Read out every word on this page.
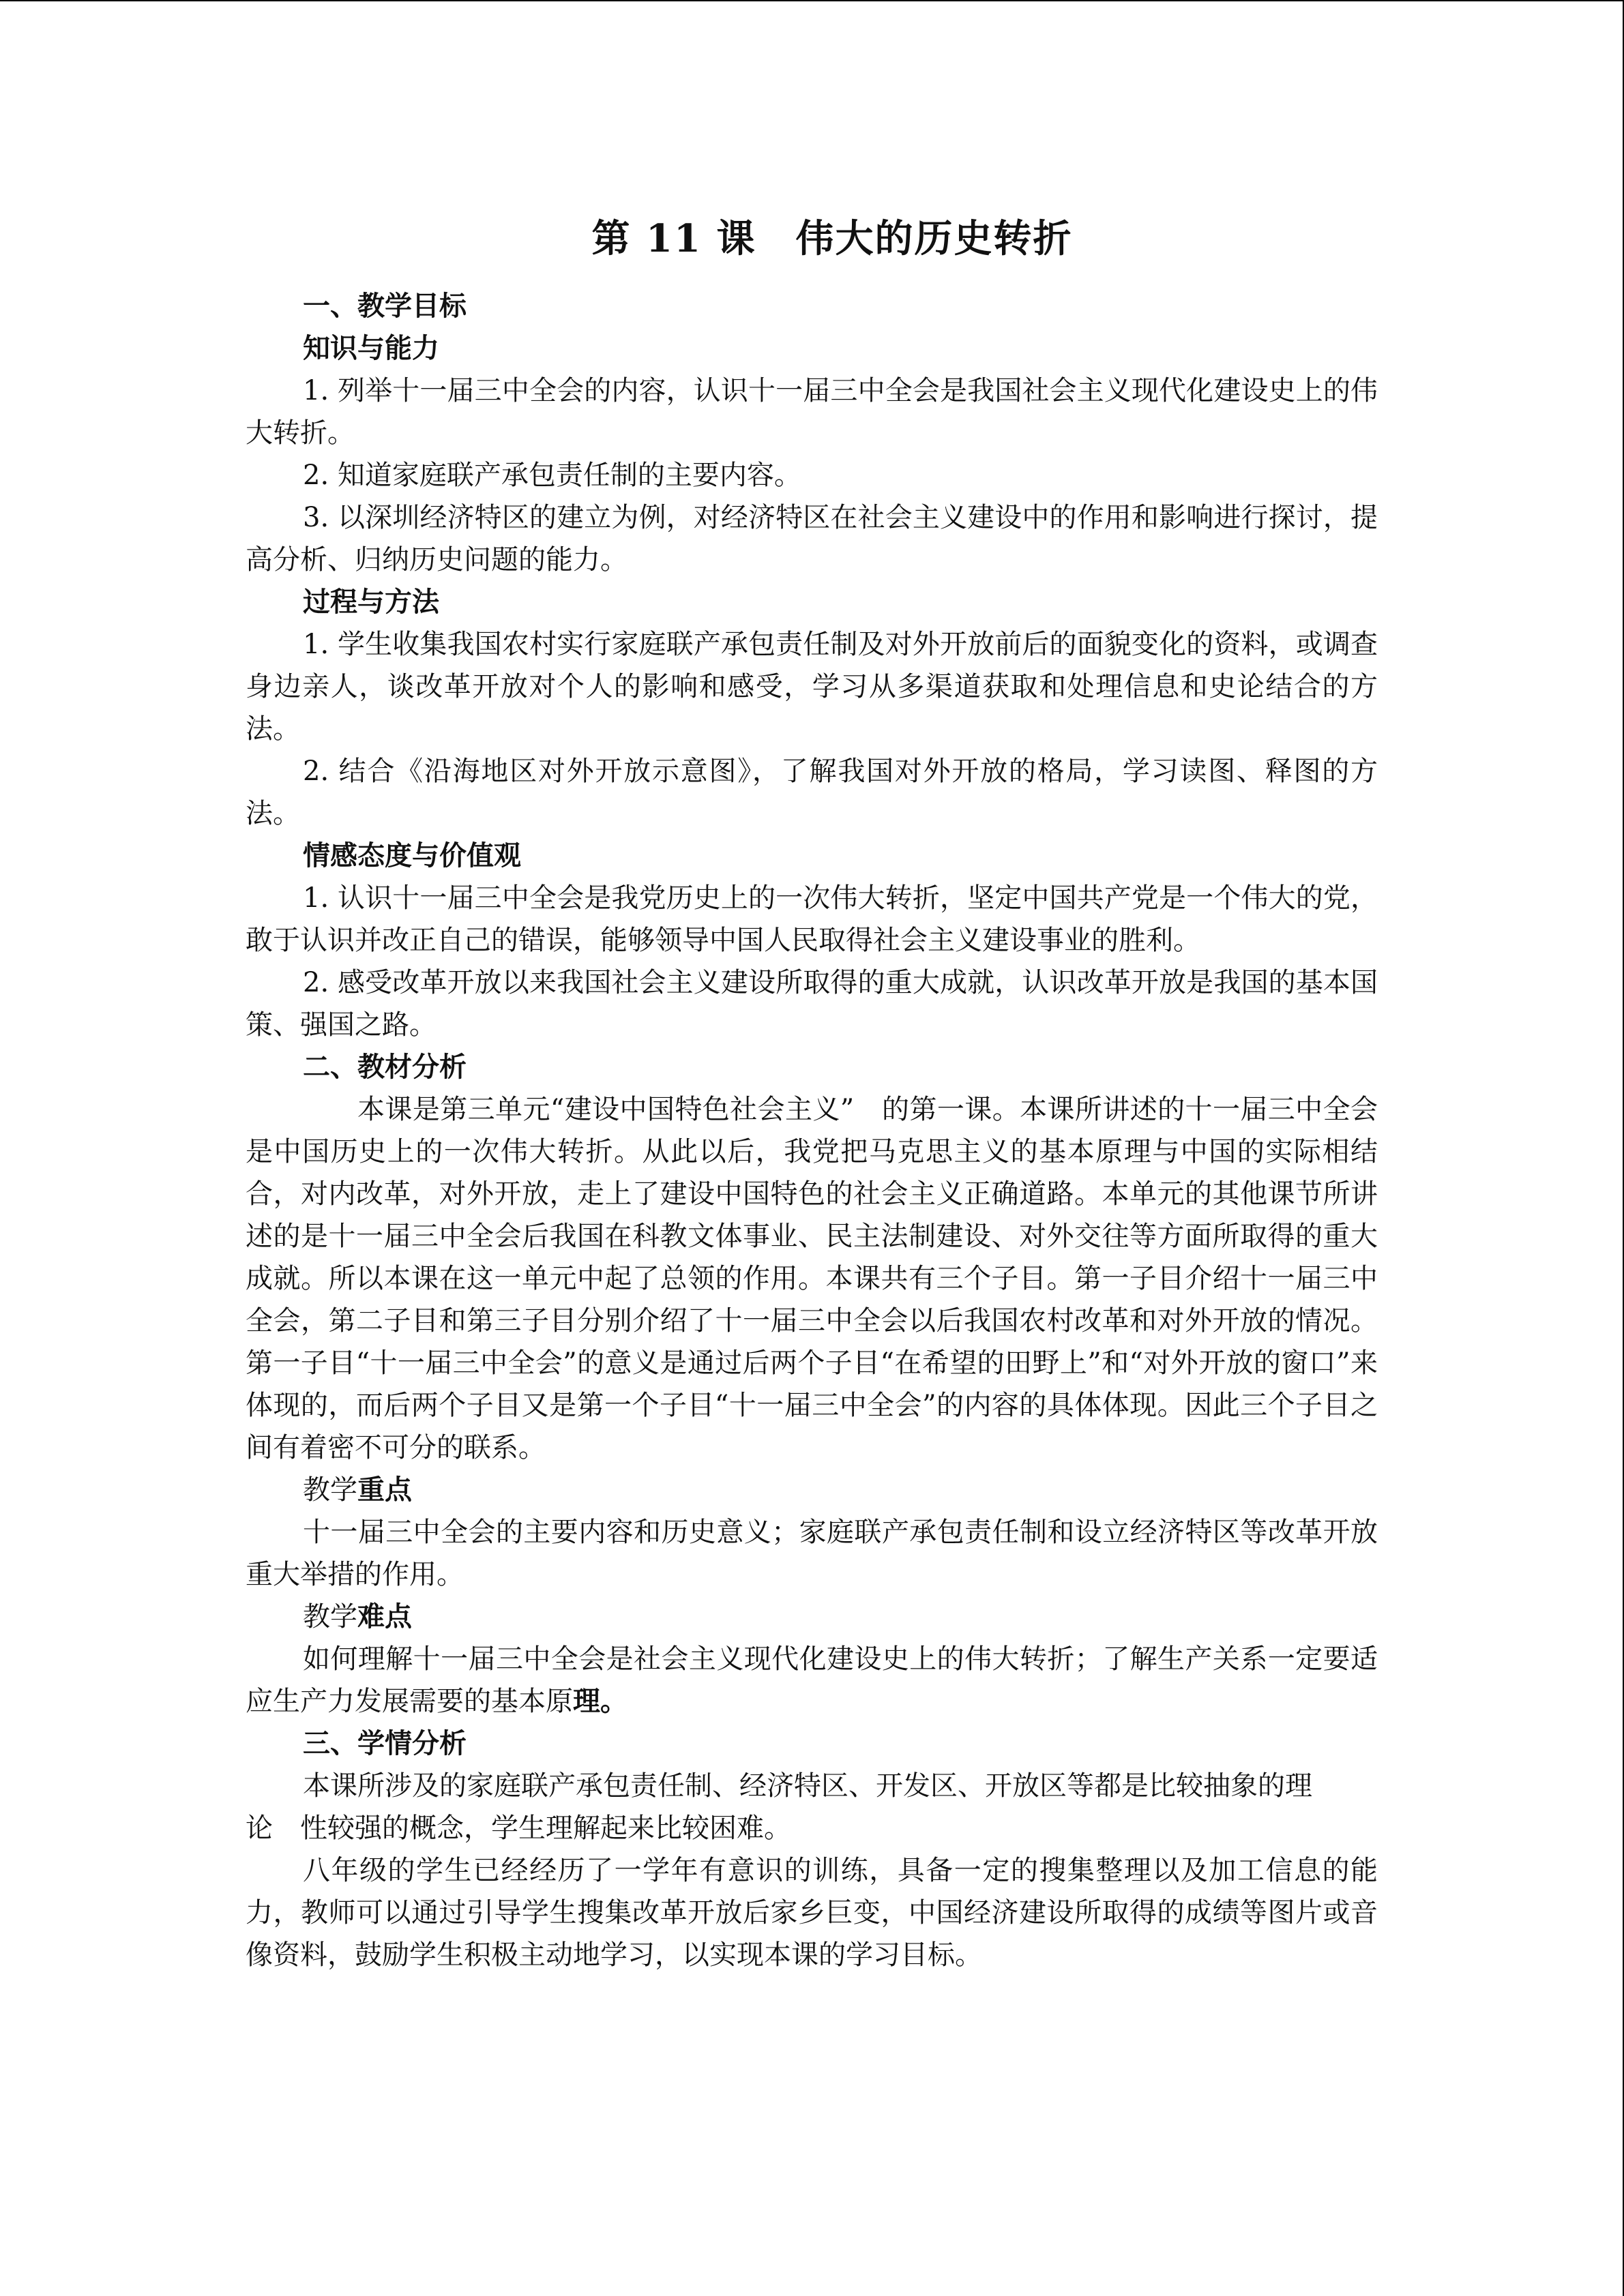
第 11 课　伟大的历史转折

一、教学目标

知识与能力

1. 列举十一届三中全会的内容，认识十一届三中全会是我国社会主义现代化建设史上的伟大转折。

2. 知道家庭联产承包责任制的主要内容。

3. 以深圳经济特区的建立为例，对经济特区在社会主义建设中的作用和影响进行探讨，提高分析、归纳历史问题的能力。

过程与方法

1. 学生收集我国农村实行家庭联产承包责任制及对外开放前后的面貌变化的资料，或调查身边亲人，谈改革开放对个人的影响和感受，学习从多渠道获取和处理信息和史论结合的方法。

2. 结合《沿海地区对外开放示意图》，了解我国对外开放的格局，学习读图、释图的方法。

情感态度与价值观

1. 认识十一届三中全会是我党历史上的一次伟大转折，坚定中国共产党是一个伟大的党，敢于认识并改正自己的错误，能够领导中国人民取得社会主义建设事业的胜利。

2. 感受改革开放以来我国社会主义建设所取得的重大成就，认识改革开放是我国的基本国策、强国之路。

二、教材分析

本课是第三单元“建设中国特色社会主义”　的第一课。本课所讲述的十一届三中全会是中国历史上的一次伟大转折。从此以后，我党把马克思主义的基本原理与中国的实际相结合，对内改革，对外开放，走上了建设中国特色的社会主义正确道路。本单元的其他课节所讲述的是十一届三中全会后我国在科教文体事业、民主法制建设、对外交往等方面所取得的重大成就。所以本课在这一单元中起了总领的作用。本课共有三个子目。第一子目介绍十一届三中全会，第二子目和第三子目分别介绍了十一届三中全会以后我国农村改革和对外开放的情况。第一子目“十一届三中全会”的意义是通过后两个子目“在希望的田野上”和“对外开放的窗口”来体现的，而后两个子目又是第一个子目“十一届三中全会”的内容的具体体现。因此三个子目之间有着密不可分的联系。

教学重点

十一届三中全会的主要内容和历史意义；家庭联产承包责任制和设立经济特区等改革开放重大举措的作用。

教学难点

如何理解十一届三中全会是社会主义现代化建设史上的伟大转折；了解生产关系一定要适应生产力发展需要的基本原理。

三、学情分析

本课所涉及的家庭联产承包责任制、经济特区、开发区、开放区等都是比较抽象的理

论　性较强的概念，学生理解起来比较困难。

八年级的学生已经经历了一学年有意识的训练，具备一定的搜集整理以及加工信息的能力，教师可以通过引导学生搜集改革开放后家乡巨变，中国经济建设所取得的成绩等图片或音像资料，鼓励学生积极主动地学习，以实现本课的学习目标。
